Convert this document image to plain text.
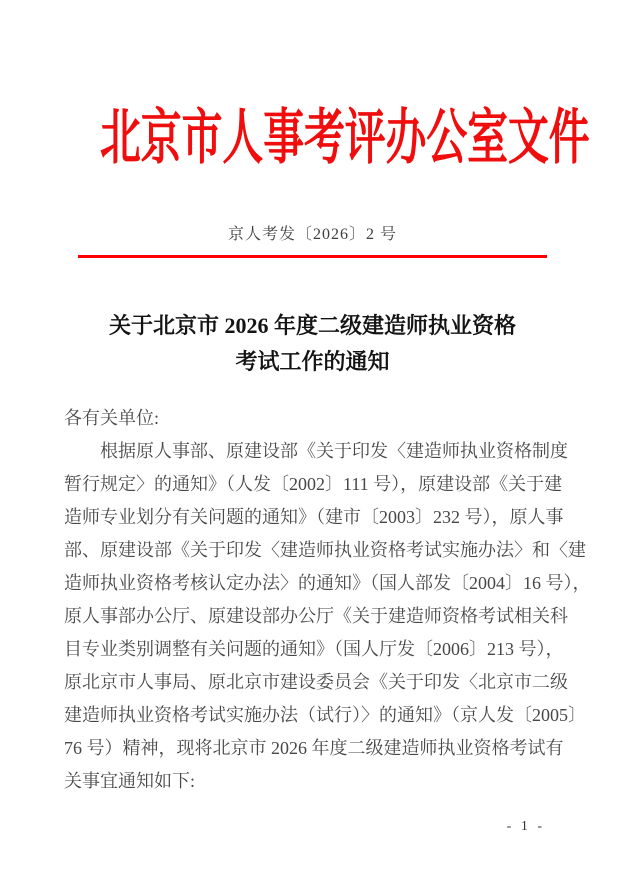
北京市人事考评办公室文件
京人考发〔2026〕2 号
关于北京市 2026 年度二级建造师执业资格
考试工作的通知
各有关单位:
根据原人事部、原建设部《关于印发〈建造师执业资格制度
暂行规定〉的通知》（人发〔2002〕111 号），原建设部《关于建
造师专业划分有关问题的通知》（建市〔2003〕232 号），原人事
部、原建设部《关于印发〈建造师执业资格考试实施办法〉和〈建
造师执业资格考核认定办法〉的通知》（国人部发〔2004〕16 号），
原人事部办公厅、原建设部办公厅《关于建造师资格考试相关科
目专业类别调整有关问题的通知》（国人厅发〔2006〕213 号），
原北京市人事局、原北京市建设委员会《关于印发〈北京市二级
建造师执业资格考试实施办法（试行）〉的通知》（京人发〔2005〕
76 号）精神，现将北京市 2026 年度二级建造师执业资格考试有
关事宜通知如下:
- 1 -
